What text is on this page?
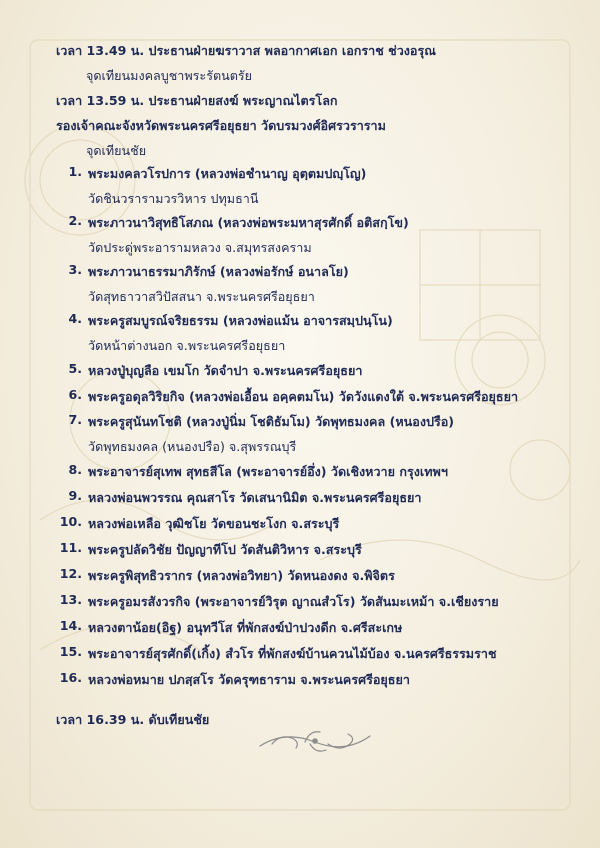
เวลา 13.49 น. ประธานฝ่ายฆราวาส พลอากาศเอก เอกราช ช่วงอรุณ
จุดเทียนมงคลบูชาพระรัตนตรัย
เวลา 13.59 น. ประธานฝ่ายสงฆ์ พระญาณไตรโลก
รองเจ้าคณะจังหวัดพระนครศรีอยุธยา วัดบรมวงศ์อิศรวราราม
จุดเทียนชัย
1. พระมงคลวโรปการ (หลวงพ่อชำนาญ อุตฺตมปญฺโญ)
วัดชินวรารามวรวิหาร ปทุมธานี
2. พระภาวนาวิสุทธิโสภณ (หลวงพ่อพระมหาสุรศักดิ์ อติสกฺโข)
วัดประดู่พระอารามหลวง จ.สมุทรสงคราม
3. พระภาวนาธรรมาภิรักษ์ (หลวงพ่อรักษ์ อนาลโย)
วัดสุทธาวาสวิปัสสนา จ.พระนครศรีอยุธยา
4. พระครูสมบูรณ์จริยธรรม (หลวงพ่อแม้น อาจารสมฺปนฺโน)
วัดหน้าต่างนอก จ.พระนครศรีอยุธยา
5. หลวงปู่บุญลือ เขมโก วัดจำปา จ.พระนครศรีอยุธยา
6. พระครูอดุลวิริยกิจ (หลวงพ่อเอื้อน อคฺคตมโน) วัดวังแดงใต้ จ.พระนครศรีอยุธยา
7. พระครูสุนันทโชติ (หลวงปู่นิ่ม โชติธัมโม) วัดพุทธมงคล (หนองปรือ)
วัดพุทธมงคล (หนองปรือ) จ.สุพรรณบุรี
8. พระอาจารย์สุเทพ สุทธสีโล (พระอาจารย์อึ่ง) วัดเชิงหวาย กรุงเทพฯ
9. หลวงพ่อนพวรรณ คุณสาโร วัดเสนานิมิต จ.พระนครศรีอยุธยา
10. หลวงพ่อเหลือ วุฒิชโย วัดขอนชะโงก จ.สระบุรี
11. พระครูปลัดวิชัย ปัญญาทีโป วัดสันติวิหาร จ.สระบุรี
12. พระครูพิสุทธิวรากร (หลวงพ่อวิทยา) วัดหนองดง จ.พิจิตร
13. พระครูอมรสังวรกิจ (พระอาจารย์วิรุต ญาณสํวโร) วัดสันมะเหม้า จ.เชียงราย
14. หลวงตาน้อย(อิฐ) อนุทวีโส ที่พักสงฆ์ป่าปวงดีก จ.ศรีสะเกษ
15. พระอาจารย์สุรศักดิ์(เกิ้ง) สํวโร ที่พักสงฆ์บ้านควนไม้บ้อง จ.นครศรีธรรมราช
16. หลวงพ่อหมาย ปภสฺสโร วัดครุฑธาราม จ.พระนครศรีอยุธยา
เวลา 16.39 น. ดับเทียนชัย
